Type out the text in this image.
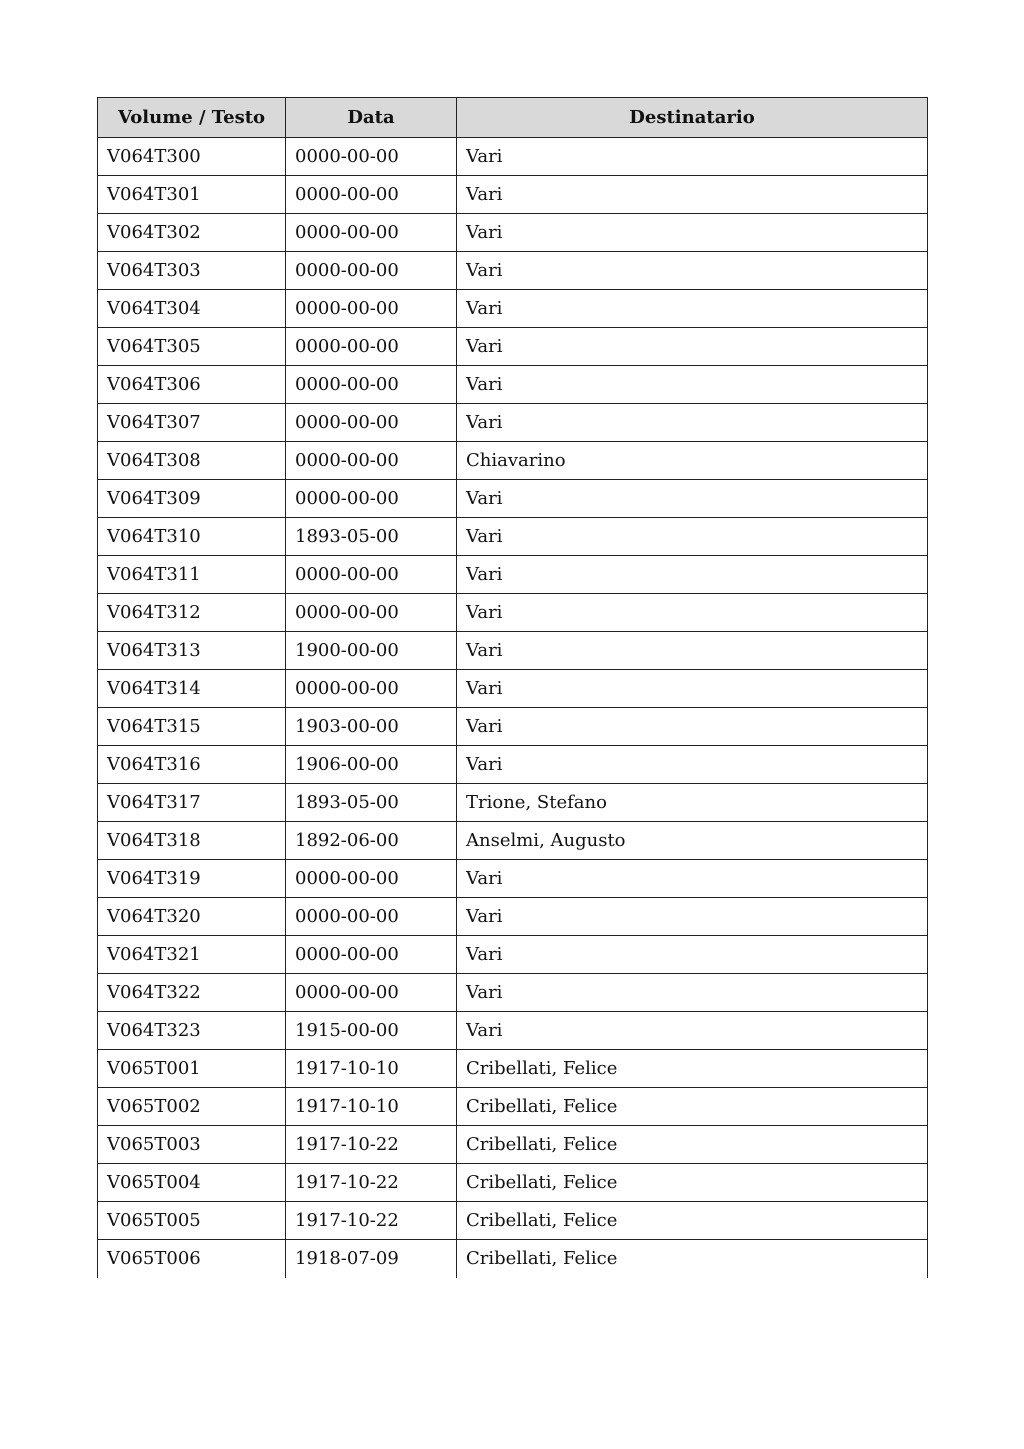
Volume / Testo	Data	Destinatario
V064T300	0000-00-00	Vari
V064T301	0000-00-00	Vari
V064T302	0000-00-00	Vari
V064T303	0000-00-00	Vari
V064T304	0000-00-00	Vari
V064T305	0000-00-00	Vari
V064T306	0000-00-00	Vari
V064T307	0000-00-00	Vari
V064T308	0000-00-00	Chiavarino
V064T309	0000-00-00	Vari
V064T310	1893-05-00	Vari
V064T311	0000-00-00	Vari
V064T312	0000-00-00	Vari
V064T313	1900-00-00	Vari
V064T314	0000-00-00	Vari
V064T315	1903-00-00	Vari
V064T316	1906-00-00	Vari
V064T317	1893-05-00	Trione, Stefano
V064T318	1892-06-00	Anselmi, Augusto
V064T319	0000-00-00	Vari
V064T320	0000-00-00	Vari
V064T321	0000-00-00	Vari
V064T322	0000-00-00	Vari
V064T323	1915-00-00	Vari
V065T001	1917-10-10	Cribellati, Felice
V065T002	1917-10-10	Cribellati, Felice
V065T003	1917-10-22	Cribellati, Felice
V065T004	1917-10-22	Cribellati, Felice
V065T005	1917-10-22	Cribellati, Felice
V065T006	1918-07-09	Cribellati, Felice
